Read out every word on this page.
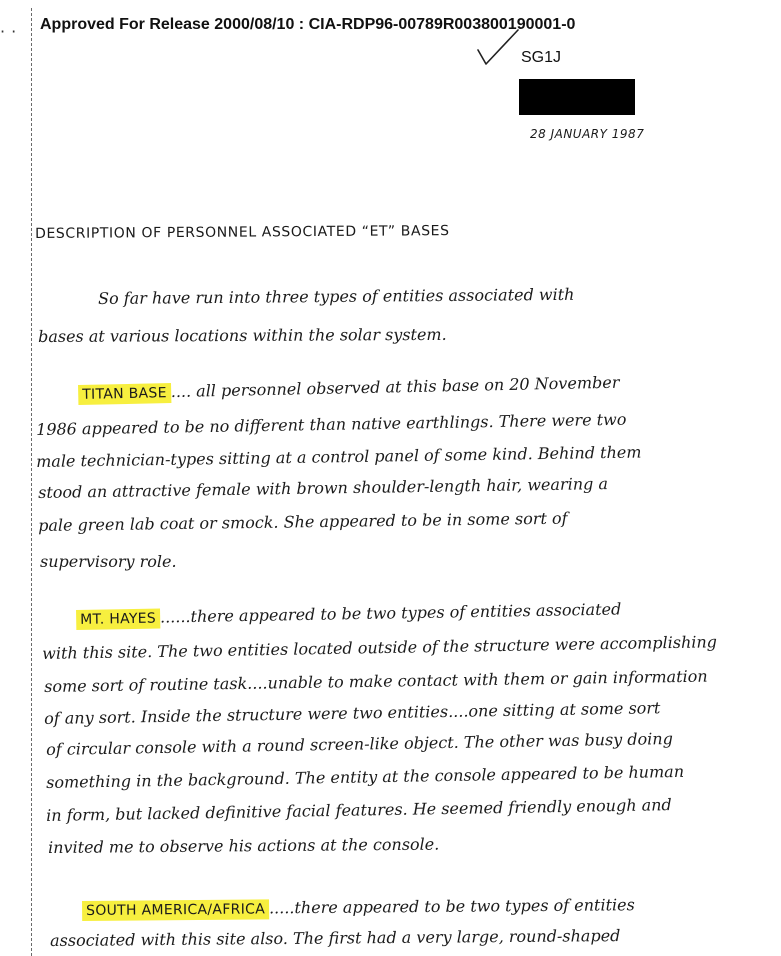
·· Approved For Release 2000/08/10 : CIA-RDP96-00789R003800190001-0
SG1J
28 JANUARY 1987
DESCRIPTION OF PERSONNEL ASSOCIATED “ET” BASES
So far have run into three types of entities associated with
bases at various locations within the solar system.
TITAN BASE .... all personnel observed at this base on 20 November
1986 appeared to be no different than native earthlings. There were two
male technician-types sitting at a control panel of some kind. Behind them
stood an attractive female with brown shoulder-length hair, wearing a
pale green lab coat or smock. She appeared to be in some sort of
supervisory role.
MT. HAYES ......there appeared to be two types of entities associated
with this site. The two entities located outside of the structure were accomplishing
some sort of routine task....unable to make contact with them or gain information
of any sort. Inside the structure were two entities....one sitting at some sort
of circular console with a round screen-like object. The other was busy doing
something in the background. The entity at the console appeared to be human
in form, but lacked definitive facial features. He seemed friendly enough and
invited me to observe his actions at the console.
SOUTH AMERICA/AFRICA .....there appeared to be two types of entities
associated with this site also. The first had a very large, round-shaped
